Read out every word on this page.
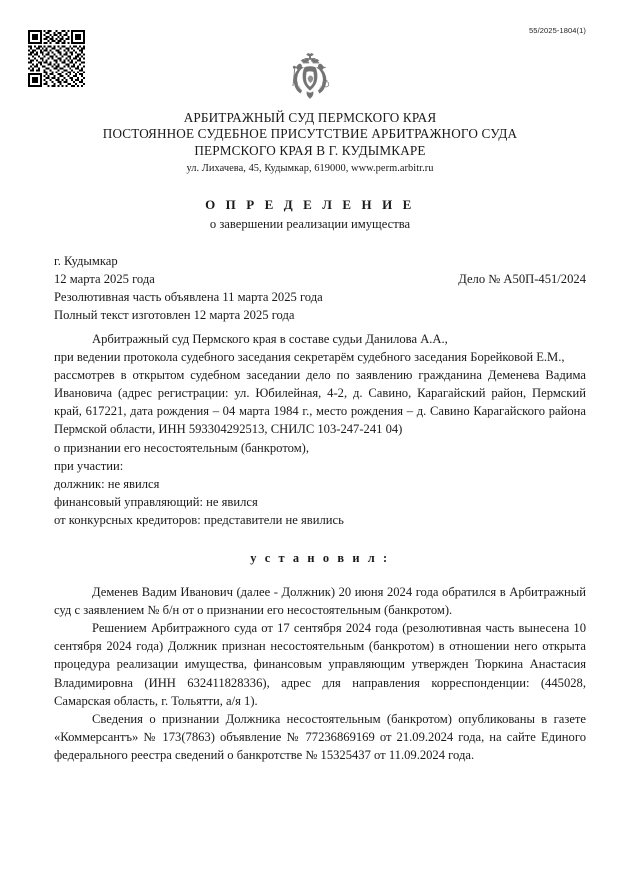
55/2025-1804(1)
АРБИТРАЖНЫЙ СУД ПЕРМСКОГО КРАЯ
ПОСТОЯННОЕ СУДЕБНОЕ ПРИСУТСТВИЕ АРБИТРАЖНОГО СУДА
ПЕРМСКОГО КРАЯ В Г. КУДЫМКАРЕ
ул. Лихачева, 45, Кудымкар, 619000, www.perm.arbitr.ru
О П Р Е Д Е Л Е Н И Е
о завершении реализации имущества
г. Кудымкар
12 марта 2025 года	Дело № А50П-451/2024
Резолютивная часть объявлена 11 марта 2025 года
Полный текст изготовлен 12 марта 2025 года

Арбитражный суд Пермского края в составе судьи Данилова А.А.,

при ведении протокола судебного заседания секретарём судебного заседания Борейковой Е.М.,

рассмотрев в открытом судебном заседании дело по заявлению гражданина Деменева Вадима Ивановича (адрес регистрации: ул. Юбилейная, 4-2, д. Савино, Карагайский район, Пермский край, 617221, дата рождения – 04 марта 1984 г., место рождения – д. Савино Карагайского района Пермской области, ИНН 593304292513, СНИЛС 103-247-241 04)

о признании его несостоятельным (банкротом),

при участии:

должник: не явился

финансовый управляющий: не явился

от конкурсных кредиторов: представители не явились

у с т а н о в и л :

Деменев Вадим Иванович (далее - Должник) 20 июня 2024 года обратился в Арбитражный суд с заявлением № б/н от о признании его несостоятельным (банкротом).

Решением Арбитражного суда от 17 сентября 2024 года (резолютивная часть вынесена 10 сентября 2024 года) Должник признан несостоятельным (банкротом) в отношении него открыта процедура реализации имущества, финансовым управляющим утвержден Тюркина Анастасия Владимировна (ИНН 632411828336), адрес для направления корреспонденции: (445028, Самарская область, г. Тольятти, а/я 1).

Сведения о признании Должника несостоятельным (банкротом) опубликованы в газете «Коммерсантъ» № 173(7863) объявление № 77236869169 от 21.09.2024 года, на сайте Единого федерального реестра сведений о банкротстве № 15325437 от 11.09.2024 года.
